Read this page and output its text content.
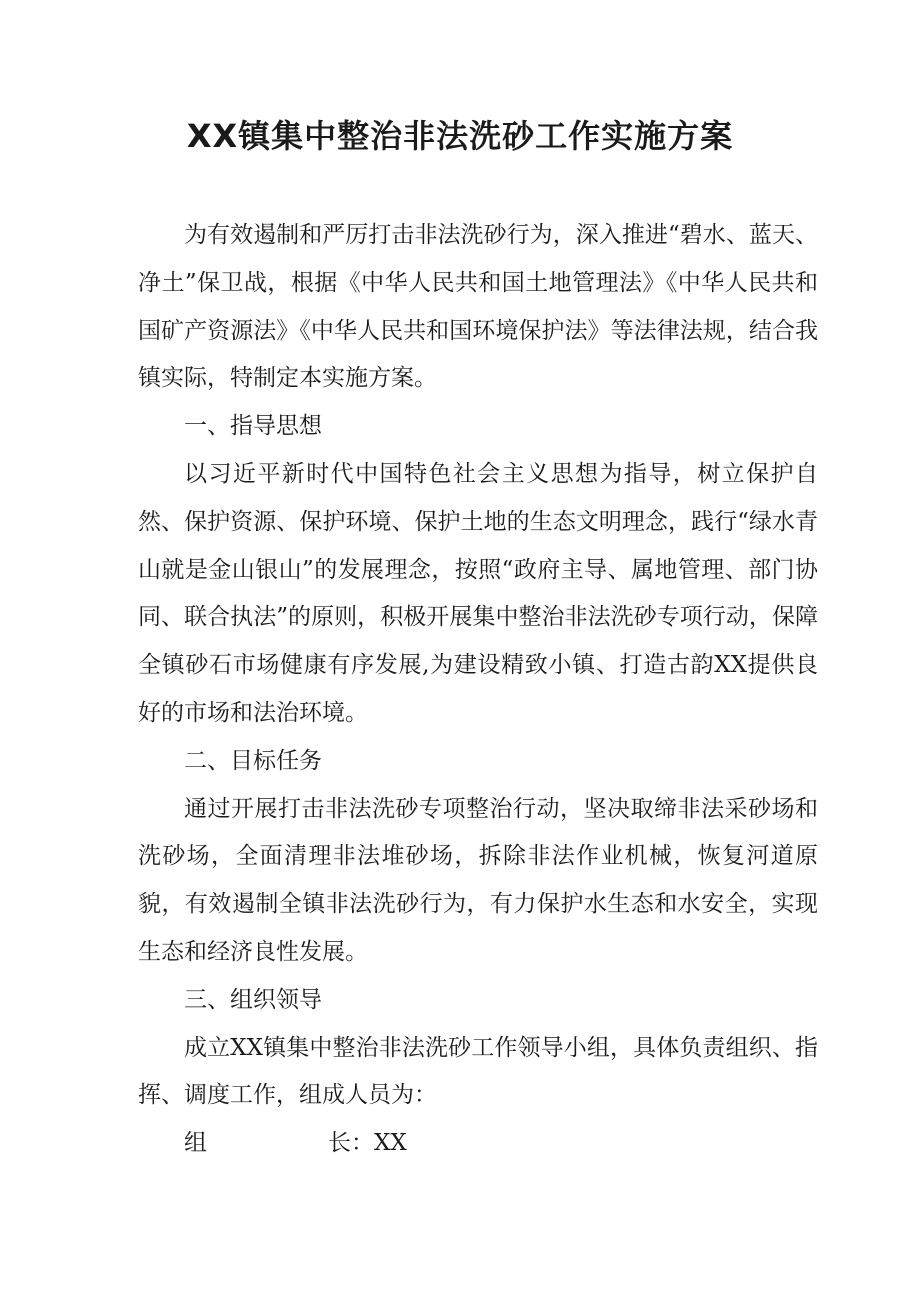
XX镇集中整治非法洗砂工作实施方案

为有效遏制和严厉打击非法洗砂行为，深入推进“碧水、蓝天、净土”保卫战，根据《中华人民共和国土地管理法》《中华人民共和国矿产资源法》《中华人民共和国环境保护法》等法律法规，结合我镇实际，特制定本实施方案。

一、指导思想

以习近平新时代中国特色社会主义思想为指导，树立保护自然、保护资源、保护环境、保护土地的生态文明理念，践行“绿水青山就是金山银山”的发展理念，按照“政府主导、属地管理、部门协同、联合执法”的原则，积极开展集中整治非法洗砂专项行动，保障全镇砂石市场健康有序发展,为建设精致小镇、打造古韵XX提供良好的市场和法治环境。

二、目标任务

通过开展打击非法洗砂专项整治行动，坚决取缔非法采砂场和洗砂场，全面清理非法堆砂场，拆除非法作业机械，恢复河道原貌，有效遏制全镇非法洗砂行为，有力保护水生态和水安全，实现生态和经济良性发展。

三、组织领导

成立XX镇集中整治非法洗砂工作领导小组，具体负责组织、指挥、调度工作，组成人员为：

组	长：XX
